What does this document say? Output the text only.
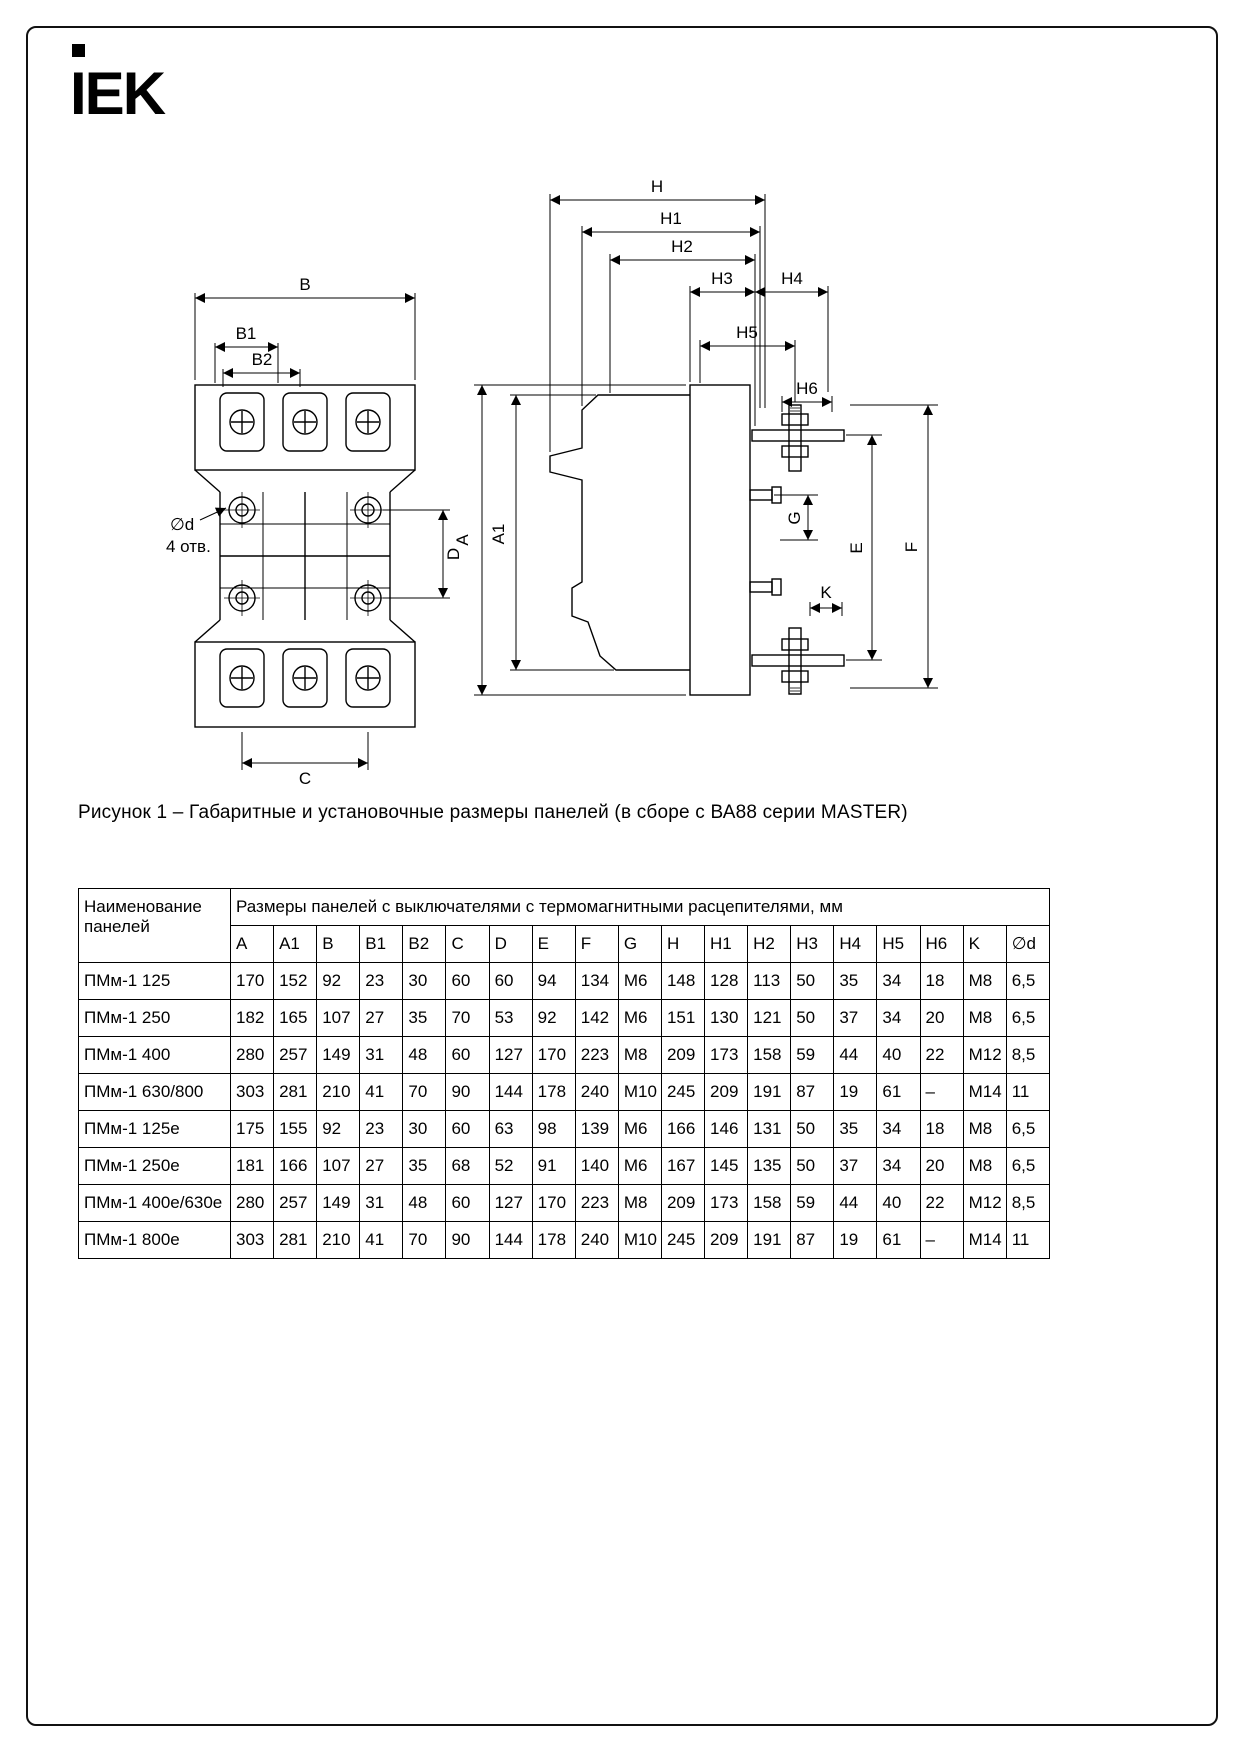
IEK
B
B1
B2
C
D
∅d
4 отв.
H
H1
H2
H3	H4
H5
H6
A A1
G
E F
K
Рисунок 1 – Габаритные и установочные размеры панелей (в сборе с ВА88 серии MASTER)
Наименование панелей	Размеры панелей с выключателями с термомагнитными расцепителями, мм																		
	A	A1	B	B1	B2	C	D	E	F	G	H	H1	H2	H3	H4	H5	H6	K	∅d
ПМм-1 125	170	152	92	23	30	60	60	94	134	М6	148	128	113	50	35	34	18	М8	6,5
ПМм-1 250	182	165	107	27	35	70	53	92	142	М6	151	130	121	50	37	34	20	М8	6,5
ПМм-1 400	280	257	149	31	48	60	127	170	223	М8	209	173	158	59	44	40	22	М12	8,5
ПМм-1 630/800	303	281	210	41	70	90	144	178	240	М10	245	209	191	87	19	61	–	М14	11
ПМм-1 125е	175	155	92	23	30	60	63	98	139	М6	166	146	131	50	35	34	18	М8	6,5
ПМм-1 250е	181	166	107	27	35	68	52	91	140	М6	167	145	135	50	37	34	20	М8	6,5
ПМм-1 400е/630е	280	257	149	31	48	60	127	170	223	М8	209	173	158	59	44	40	22	М12	8,5
ПМм-1 800е	303	281	210	41	70	90	144	178	240	М10	245	209	191	87	19	61	–	М14	11
